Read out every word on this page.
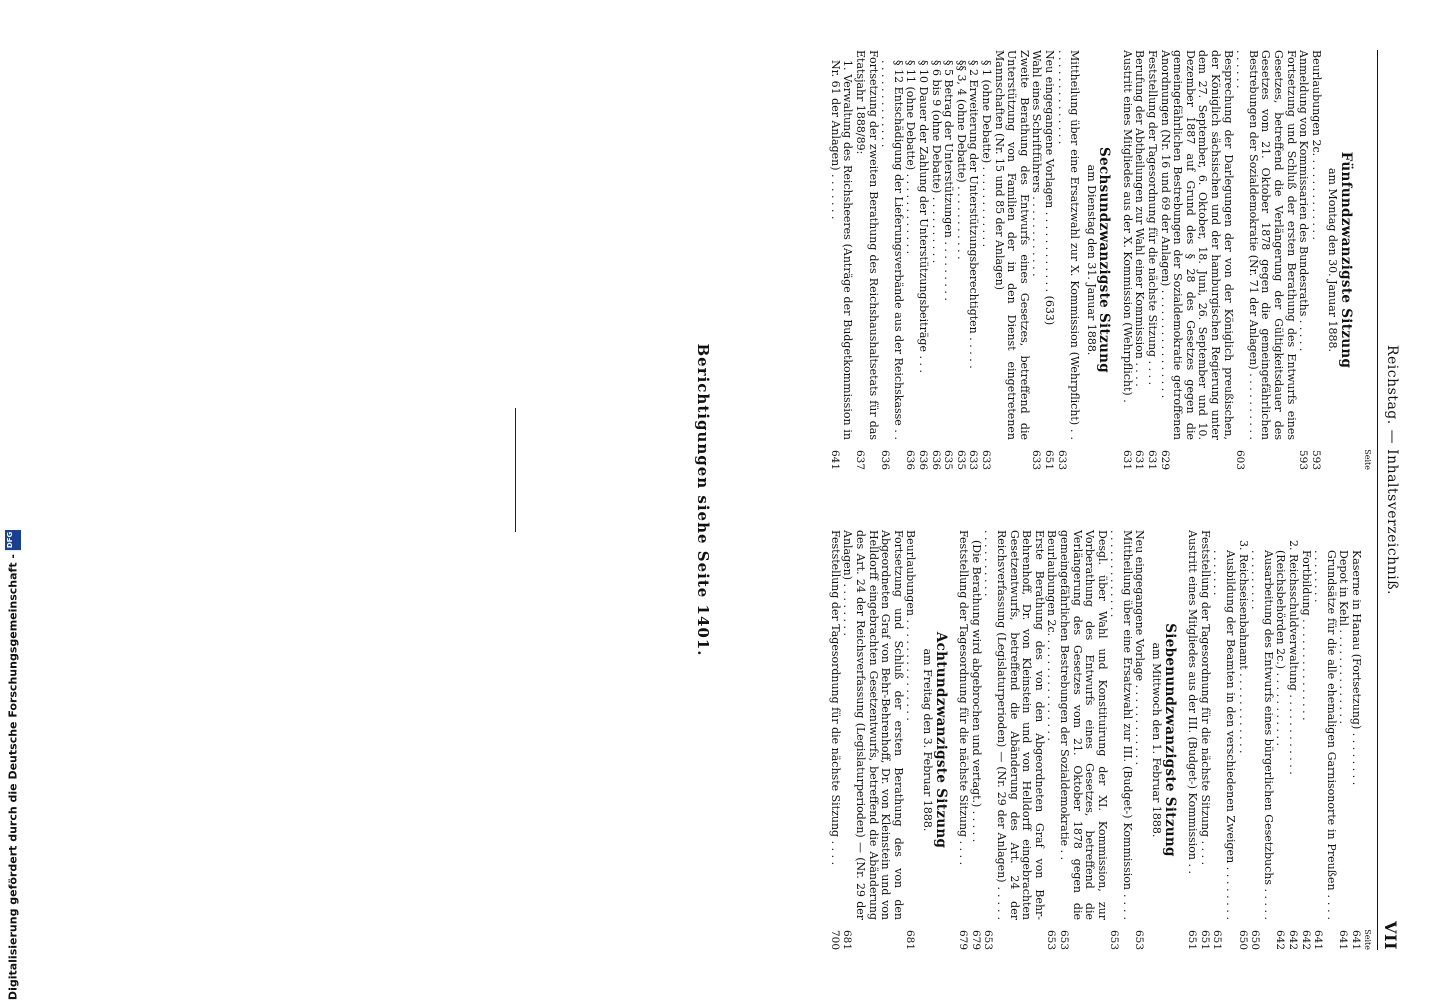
Digitalisierung gefördert durch die Deutsche Forschungsgemeinschaft -
DFG	Reichstag. — Inhaltsverzeichniß.
VII
Seite
Fünfundzwanzigste Sitzung
am Montag den 30. Januar 1888.
Beurlaubungen 2c. . . . . . . . . . . . .
593
Anmeldung von Kommissarien des Bundesraths . . . . .
593
Fortsetzung und Schluß der ersten Berathung des Entwurfs eines Gesetzes, betreffend die Verlängerung der Gültigkeitsdauer des Gesetzes vom 21. Oktober 1878 gegen die gemeingefährlichen Bestrebungen der Sozialdemokratie (Nr. 71 der Anlagen) . . . . . . . . . . . . . . . .
603
Besprechung der Darlegungen der von der Königlich preußischen, der Königlich sächsischen und der hamburgischen Regierung unter dem 27. September, 6. Oktober, 18. Juni, 26. September und 10. Dezember 1887 auf Grund des § 28 des Gesetzes gegen die gemeingefährlichen Bestrebungen der Sozialdemokratie getroffenen Anordnungen (Nr. 16 und 69 der Anlagen) . . . . . . . . . . . . . . . .
629
Feststellung der Tagesordnung für die nächste Sitzung . . . .
631
Berufung der Abtheilungen zur Wahl einer Kommission . . . .
631
Austritt eines Mitgliedes aus der X. Kommission (Wehrpflicht) .
631
Sechsundzwanzigste Sitzung
am Dienstag den 31. Januar 1888.
Mittheilung über eine Ersatzwahl zur X. Kommission (Wehrpflicht) . . . . . . . . . . . . . . . .
633
Neu eingegangene Vorlagen . . . . . . . . . . . . (633)
651
Wahl eines Schriftführers . . . . . . . . . . . .
633
Zweite Berathung des Entwurfs eines Gesetzes, betreffend die Unterstützung von Familien der in den Dienst eingetretenen Mannschaften (Nr. 15 und 85 der Anlagen)
§ 1 (ohne Debatte) . . . . . . . . . . . .
633
§ 2 Erweiterung der Unterstützungsberechtigten . . . . .
633
§§ 3, 4 (ohne Debatte) . . . . . . . . . . .
635
§ 5 Betrag der Unterstützungen . . . . . . . . .
635
§ 6 bis 9 (ohne Debatte) . . . . . . . . . .
636
§ 10 Dauer der Zahlung der Unterstützungsbeiträge . . .
636
§ 11 (ohne Debatte) . . . . . . . . . . . .
636
§ 12 Entschädigung der Lieferungsverbände aus der Reichskasse . . . . . . . . . . . . . . .
636
Fortsetzung der zweiten Berathung des Reichshaushaltsetats für das Etatsjahr 1888/89:
637
1. Verwaltung des Reichsheeres (Anträge der Budgetkommission in Nr. 61 der Anlagen) . . . . . . .
641
Seite
Kaserne in Hanau (Fortsetzung) . . . . . . . .
641
Depot in Kehl . . . . . . . . . . . . . .
641
Grundsätze für die alle ehemaligen Garnisonorte in Preußen . . . . . . . . . . . .
641
Fortbildung . . . . . . . . . . . . . . .
642
2. Reichsschuldverwaltung . . . . . . . . . . . .
642
(Reichsbehörden 2c.) . . . . . . . . . . .
642
Ausarbeitung des Entwurfs eines bürgerlichen Gesetzbuchs . . . . . . . . . . . . . .
650
3. Reichseisenbahnamt . . . . . . . . . . . .
650
Ausbildung der Beamten in den verschiedenen Zweigen . . . . . . . . . . . . . . .
651
Feststellung der Tagesordnung für die nächste Sitzung . . . .
651
Austritt eines Mitgliedes aus der III. (Budget-) Kommission . .
651
Siebenundzwanzigste Sitzung
am Mittwoch den 1. Februar 1888.
Neu eingegangene Vorlage . . . . . . . . . . . .
653
Mittheilung über eine Ersatzwahl zur III. (Budget-) Kommission . . . . . . . . . . . . . . . . .
653
Desgl. über Wahl und Konstituirung der XI. Kommission, zur Vorberathung des Entwurfs eines Gesetzes, betreffend die Verlängerung des Gesetzes vom 21. Oktober 1878 gegen die gemeingefährlichen Bestrebungen der Sozialdemokratie . .
653
Beurlaubungen 2c. . . . . . . . . . . . . . . .
653
Erste Berathung des von den Abgeordneten Graf von Behr-Behrenhoff, Dr. von Kleinstein und von Helldorff eingebrachten Gesetzentwurfs, betreffend die Abänderung des Art. 24 der Reichsverfassung (Legislaturperioden) — (Nr. 29 der Anlagen) . . . . . . . . . . . . . . .
653
(Die Berathung wird abgebrochen und vertagt.) . . . . .
679
Feststellung der Tagesordnung für die nächste Sitzung . . . .
679
Achtundzwanzigste Sitzung
am Freitag den 3. Februar 1888.
Beurlaubungen . . . . . . . . . . . . . . .
681
Fortsetzung und Schluß der ersten Berathung des von den Abgeordneten Graf von Behr-Behrenhoff, Dr. von Kleinstein und von Helldorff eingebrachten Gesetzentwurfs, betreffend die Abänderung des Art. 24 der Reichsverfassung (Legislaturperioden) — (Nr. 29 der Anlagen) . . . . . . . .
681
Feststellung der Tagesordnung für die nächste Sitzung . . . .
700
Berichtigungen siehe Seite 1401.
